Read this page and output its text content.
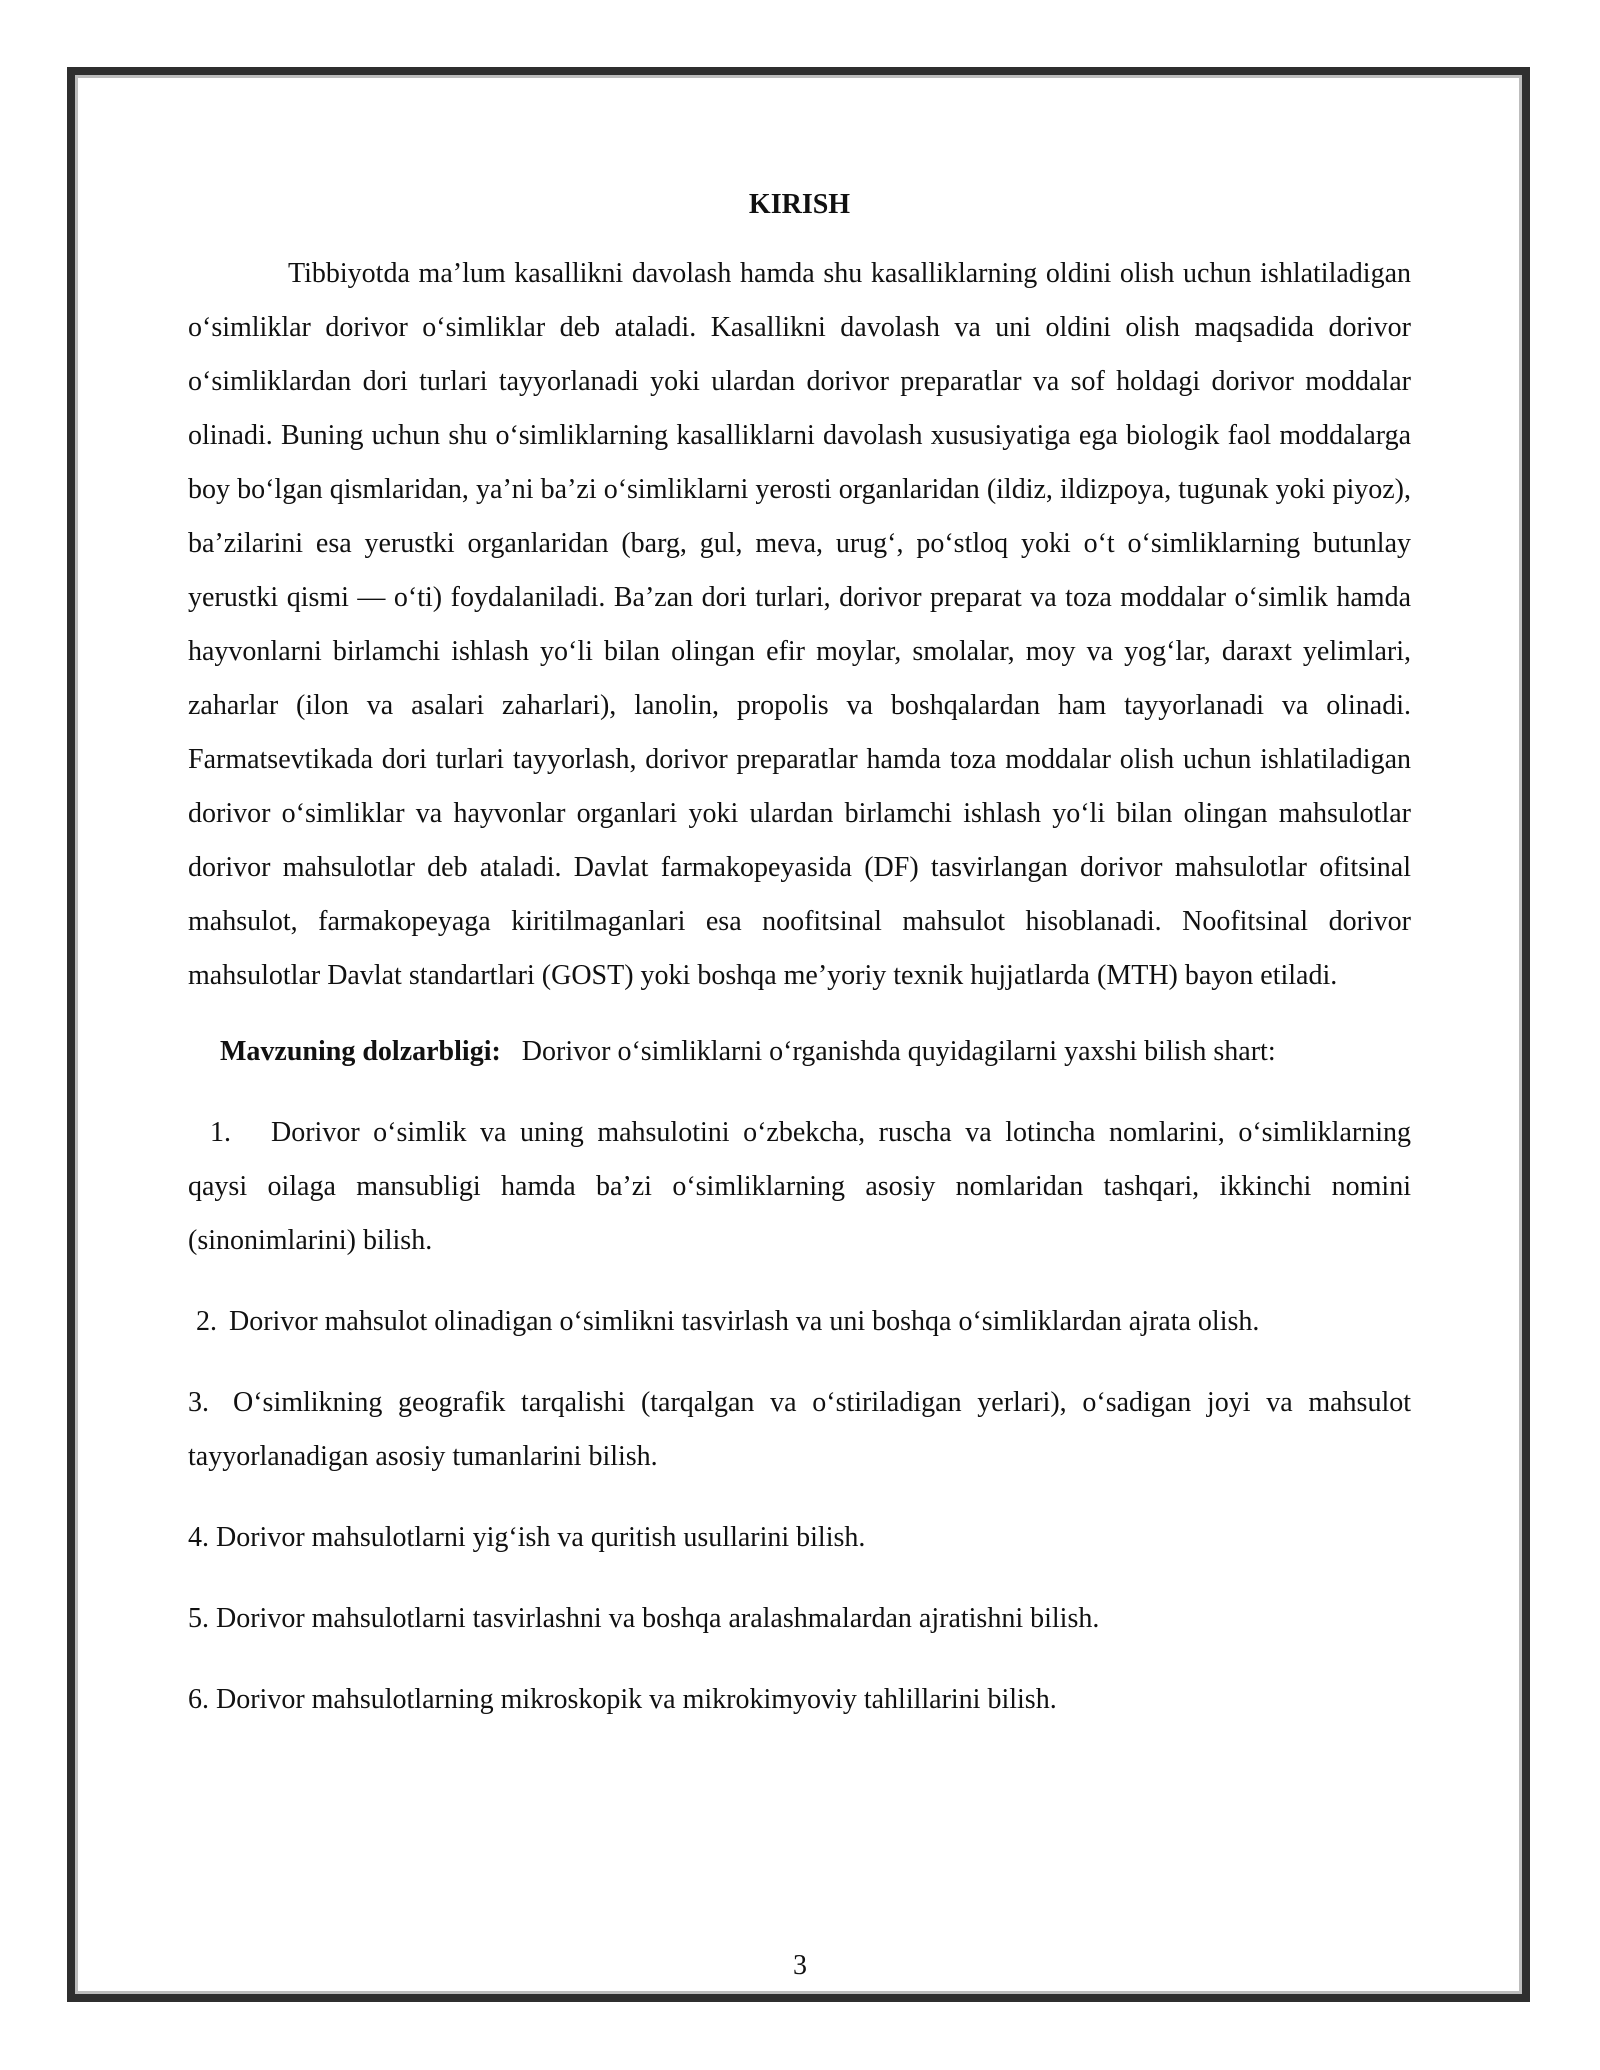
KIRISH

Tibbiyotda ma’lum kasallikni davolash hamda shu kasalliklarning oldini olish uchun ishlatiladigan o‘simliklar dorivor o‘simliklar deb ataladi. Kasallikni davolash va uni oldini olish maqsadida dorivor o‘simliklardan dori turlari tayyorlanadi yoki ulardan dorivor preparatlar va sof holdagi dorivor moddalar olinadi. Buning uchun shu o‘simliklarning kasalliklarni davolash xususiyatiga ega biologik faol moddalarga boy bo‘lgan qismlaridan, ya’ni ba’zi o‘simliklarni yerosti organlaridan (ildiz, ildizpoya, tugunak yoki piyoz), ba’zilarini esa yerustki organlaridan (barg, gul, meva, urug‘, po‘stloq yoki o‘t o‘simliklarning butunlay yerustki qismi — o‘ti) foydalaniladi. Ba’zan dori turlari, dorivor preparat va toza moddalar o‘simlik hamda hayvonlarni birlamchi ishlash yo‘li bilan olingan efir moylar, smolalar, moy va yog‘lar, daraxt yelimlari, zaharlar (ilon va asalari zaharlari), lanolin, propolis va boshqalardan ham tayyorlanadi va olinadi. Farmatsevtikada dori turlari tayyorlash, dorivor preparatlar hamda toza moddalar olish uchun ishlatiladigan dorivor o‘simliklar va hayvonlar organlari yoki ulardan birlamchi ishlash yo‘li bilan olingan mahsulotlar dorivor mahsulotlar deb ataladi. Davlat farmakopeyasida (DF) tasvirlangan dorivor mahsulotlar ofitsinal mahsulot, farmakopeyaga kiritilmaganlari esa noofitsinal mahsulot hisoblanadi. Noofitsinal dorivor mahsulotlar Davlat standartlari (GOST) yoki boshqa me’yoriy texnik hujjatlarda (MTH) bayon etiladi.

Mavzuning dolzarbligi: Dorivor o‘simliklarni o‘rganishda quyidagilarni yaxshi bilish shart:

1. Dorivor o‘simlik va uning mahsulotini o‘zbekcha, ruscha va lotincha nomlarini, o‘simliklarning qaysi oilaga mansubligi hamda ba’zi o‘simliklarning asosiy nomlaridan tashqari, ikkinchi nomini (sinonimlarini) bilish.

2. Dorivor mahsulot olinadigan o‘simlikni tasvirlash va uni boshqa o‘simliklardan ajrata olish.

3. O‘simlikning geografik tarqalishi (tarqalgan va o‘stiriladigan yerlari), o‘sadigan joyi va mahsulot tayyorlanadigan asosiy tumanlarini bilish.

4. Dorivor mahsulotlarni yig‘ish va quritish usullarini bilish.

5. Dorivor mahsulotlarni tasvirlashni va boshqa aralashmalardan ajratishni bilish.

6. Dorivor mahsulotlarning mikroskopik va mikrokimyoviy tahlillarini bilish.

3
